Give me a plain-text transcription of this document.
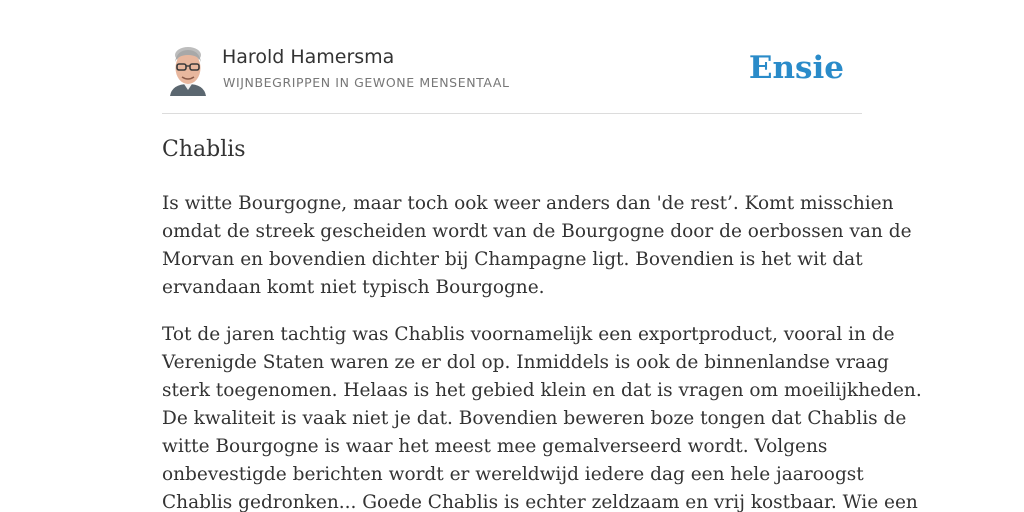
Harold Hamersma
WIJNBEGRIPPEN IN GEWONE MENSENTAAL	Ensie
Chablis

Is witte Bourgogne, maar toch ook weer anders dan 'de rest’. Komt misschien
omdat de streek gescheiden wordt van de Bourgogne door de oerbossen van de
Morvan en bovendien dichter bij Champagne ligt. Bovendien is het wit dat
ervandaan komt niet typisch Bourgogne.

Tot de jaren tachtig was Chablis voornamelijk een exportproduct, vooral in de
Verenigde Staten waren ze er dol op. Inmiddels is ook de binnenlandse vraag
sterk toegenomen. Helaas is het gebied klein en dat is vragen om moeilijkheden.
De kwaliteit is vaak niet je dat. Bovendien beweren boze tongen dat Chablis de
witte Bourgogne is waar het meest mee gemalverseerd wordt. Volgens
onbevestigde berichten wordt er wereldwijd iedere dag een hele jaaroogst
Chablis gedronken... Goede Chablis is echter zeldzaam en vrij kostbaar. Wie een
